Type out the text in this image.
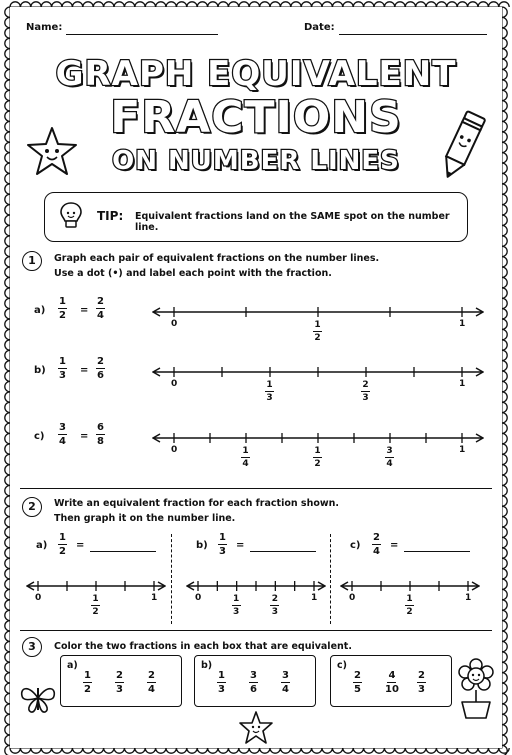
Name:	Date:
GRAPH EQUIVALENT
FRACTIONS
ON NUMBER LINES
TIP: Equivalent fractions land on the SAME spot on the number line.
1	Graph each pair of equivalent fractions on the number lines.
Use a dot (•) and label each point with the fraction.
a)
1
2 =
2
4
0	1
1
2
b)
1
3 =
2
6
0	1
1
3
2
3
c)
3
4 =
6
8
0	1
1
4
1
2
3
4
2	Write an equivalent fraction for each fraction shown.
Then graph it on the number line.
a)
1
2
=
0	1
1
2
b)
1
3
=
0	1
1
3
2
3
c)
2
4
=
0	1
1
2
3	Color the two fractions in each box that are equivalent.
a)
1
2
2
3
2
4
b)
1
3
3
6
3
4
c)
2
5
4
10
2
3
